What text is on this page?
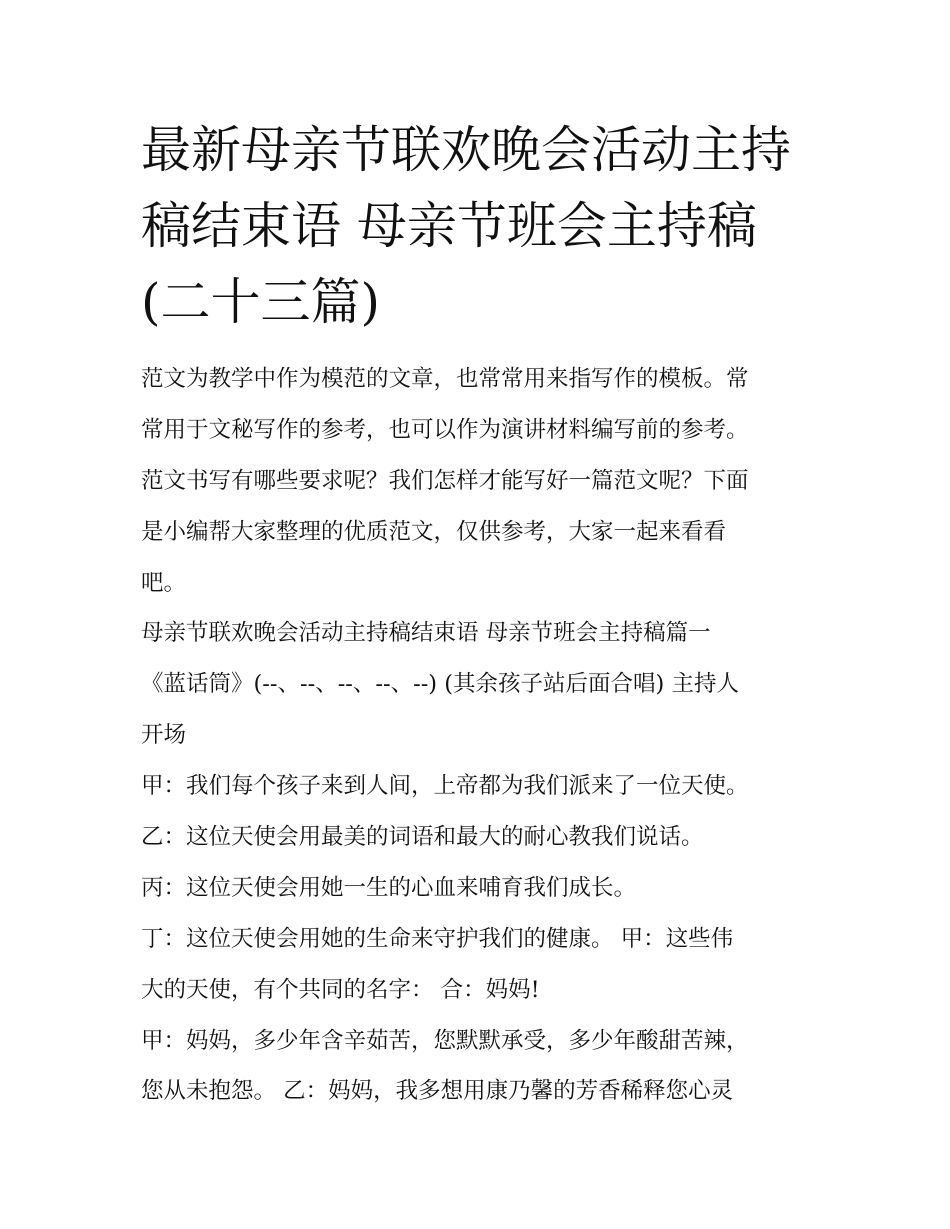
最新母亲节联欢晚会活动主持
稿结束语 母亲节班会主持稿
(二十三篇)
范文为教学中作为模范的文章，也常常用来指写作的模板。常
常用于文秘写作的参考，也可以作为演讲材料编写前的参考。
范文书写有哪些要求呢？我们怎样才能写好一篇范文呢？下面
是小编帮大家整理的优质范文，仅供参考，大家一起来看看
吧。
母亲节联欢晚会活动主持稿结束语 母亲节班会主持稿篇一
《蓝话筒》(--、--、--、--、--) (其余孩子站后面合唱) 主持人
开场
甲：我们每个孩子来到人间，上帝都为我们派来了一位天使。
乙：这位天使会用最美的词语和最大的耐心教我们说话。
丙：这位天使会用她一生的心血来哺育我们成长。
丁：这位天使会用她的生命来守护我们的健康。 甲：这些伟
大的天使，有个共同的名字： 合：妈妈!
甲：妈妈，多少年含辛茹苦，您默默承受，多少年酸甜苦辣，
您从未抱怨。 乙：妈妈，我多想用康乃馨的芳香稀释您心灵
